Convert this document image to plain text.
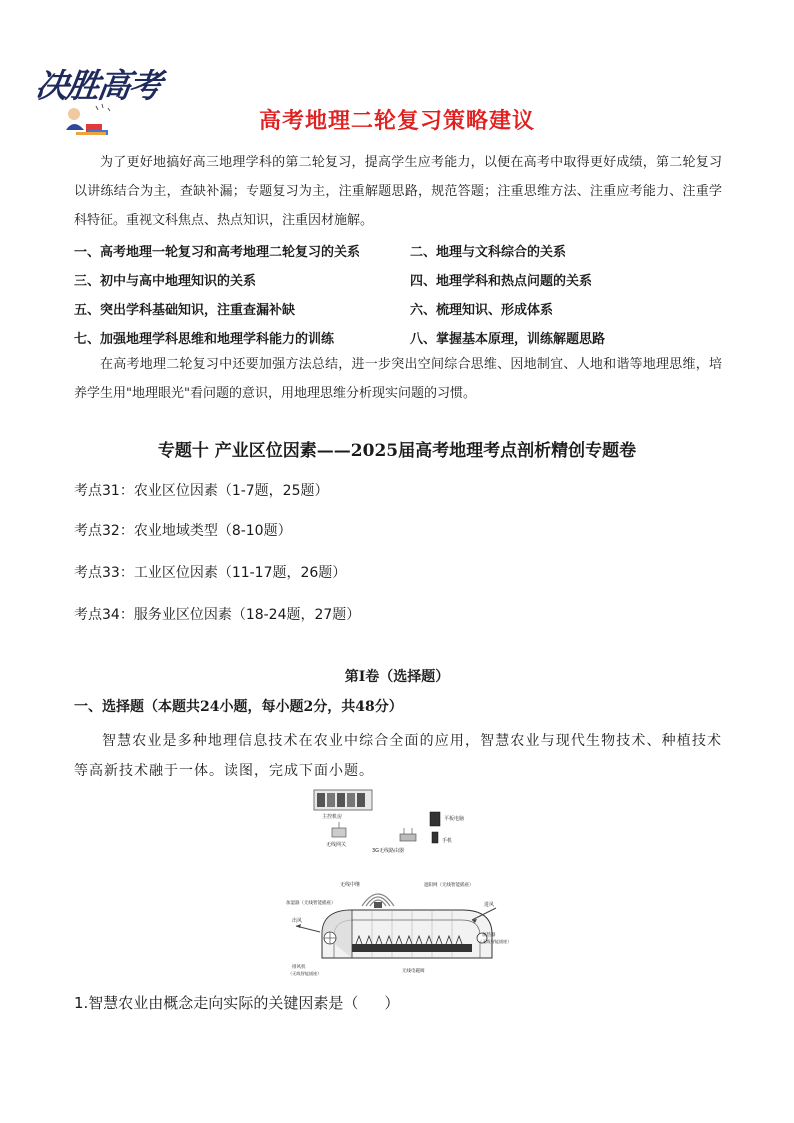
决胜高考
高考地理二轮复习策略建议

为了更好地搞好高三地理学科的第二轮复习，提高学生应考能力，以便在高考中取得更好成绩，第二轮复习以讲练结合为主，查缺补漏；专题复习为主，注重解题思路，规范答题；注重思维方法、注重应考能力、注重学科特征。重视文科焦点、热点知识，注重因材施解。

一、高考地理一轮复习和高考地理二轮复习的关系	二、地理与文科综合的关系
三、初中与高中地理知识的关系	四、地理学科和热点问题的关系
五、突出学科基础知识，注重查漏补缺	六、梳理知识、形成体系
七、加强地理学科思维和地理学科能力的训练	八、掌握基本原理，训练解题思路

在高考地理二轮复习中还要加强方法总结，进一步突出空间综合思维、因地制宜、人地和谐等地理思维，培养学生用"地理眼光"看问题的意识，用地理思维分析现实问题的习惯。

专题十 产业区位因素——2025届高考地理考点剖析精创专题卷
考点31：农业区位因素（1-7题，25题）
考点32：农业地域类型（8-10题）
考点33：工业区位因素（11-17题，26题）
考点34：服务业区位因素（18-24题，27题）
第Ⅰ卷（选择题）
一、选择题（本题共24小题，每小题2分，共48分）

智慧农业是多种地理信息技术在农业中综合全面的应用，智慧农业与现代生物技术、种植技术等高新技术融于一体。读图，完成下面小题。

主控机房
无线网关
3G无线路由器
平板电脑
手机
无线中继	遮阳网（无线智能插座）
加湿器（无线智能插座）	进风
出风
加热器
（无线智能插座）
排风机
（无线智能插座）	无线电磁阀
1.智慧农业由概念走向实际的关键因素是（ ）
